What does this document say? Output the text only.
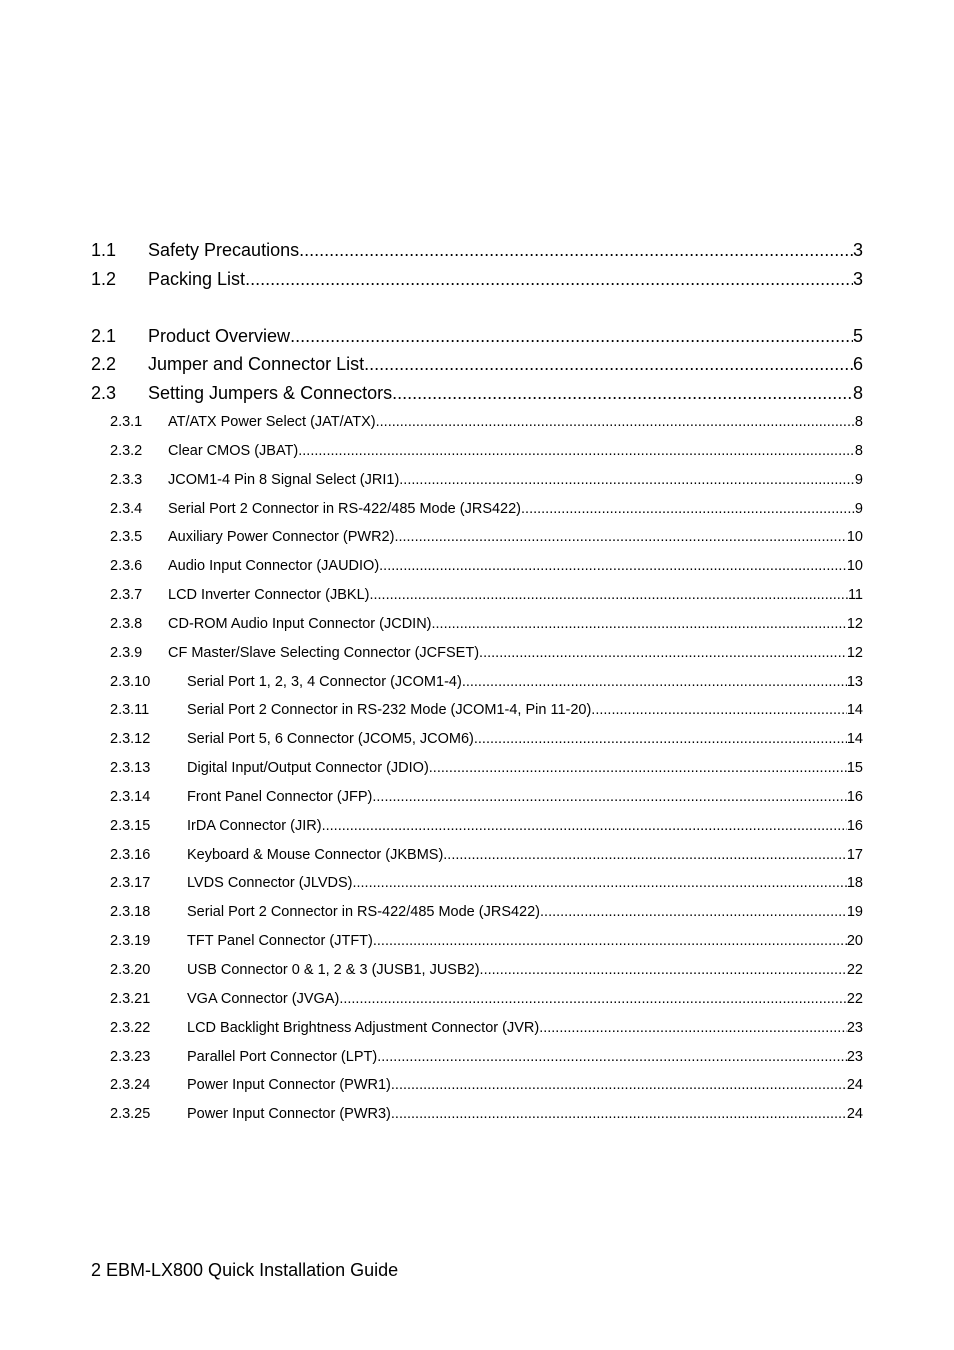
1.1	Safety Precautions .....	3
1.2	Packing List .....	3
2.1	Product Overview .....	5
2.2	Jumper and Connector List .....	6
2.3	Setting Jumpers & Connectors .....	8
2.3.1	AT/ATX Power Select (JAT/ATX) .....	8
2.3.2	Clear CMOS (JBAT) .....	8
2.3.3	JCOM1-4 Pin 8 Signal Select (JRI1) .....	9
2.3.4	Serial Port 2 Connector in RS-422/485 Mode (JRS422) .....	9
2.3.5	Auxiliary Power Connector (PWR2) .....	10
2.3.6	Audio Input Connector (JAUDIO) .....	10
2.3.7	LCD Inverter Connector (JBKL) .....	11
2.3.8	CD-ROM Audio Input Connector (JCDIN) .....	12
2.3.9	CF Master/Slave Selecting Connector (JCFSET) .....	12
2.3.10	Serial Port 1, 2, 3, 4 Connector (JCOM1-4) .....	13
2.3.11	Serial Port 2 Connector in RS-232 Mode (JCOM1-4, Pin 11-20) .....	14
2.3.12	Serial Port 5, 6 Connector (JCOM5, JCOM6) .....	14
2.3.13	Digital Input/Output Connector (JDIO) .....	15
2.3.14	Front Panel Connector (JFP) .....	16
2.3.15	IrDA Connector (JIR) .....	16
2.3.16	Keyboard & Mouse Connector (JKBMS) .....	17
2.3.17	LVDS Connector (JLVDS) .....	18
2.3.18	Serial Port 2 Connector in RS-422/485 Mode (JRS422) .....	19
2.3.19	TFT Panel Connector (JTFT) .....	20
2.3.20	USB Connector 0 & 1, 2 & 3 (JUSB1, JUSB2) .....	22
2.3.21	VGA Connector (JVGA) .....	22
2.3.22	LCD Backlight Brightness Adjustment Connector (JVR) .....	23
2.3.23	Parallel Port Connector (LPT) .....	23
2.3.24	Power Input Connector (PWR1) .....	24
2.3.25	Power Input Connector (PWR3) .....	24
2 EBM-LX800 Quick Installation Guide
